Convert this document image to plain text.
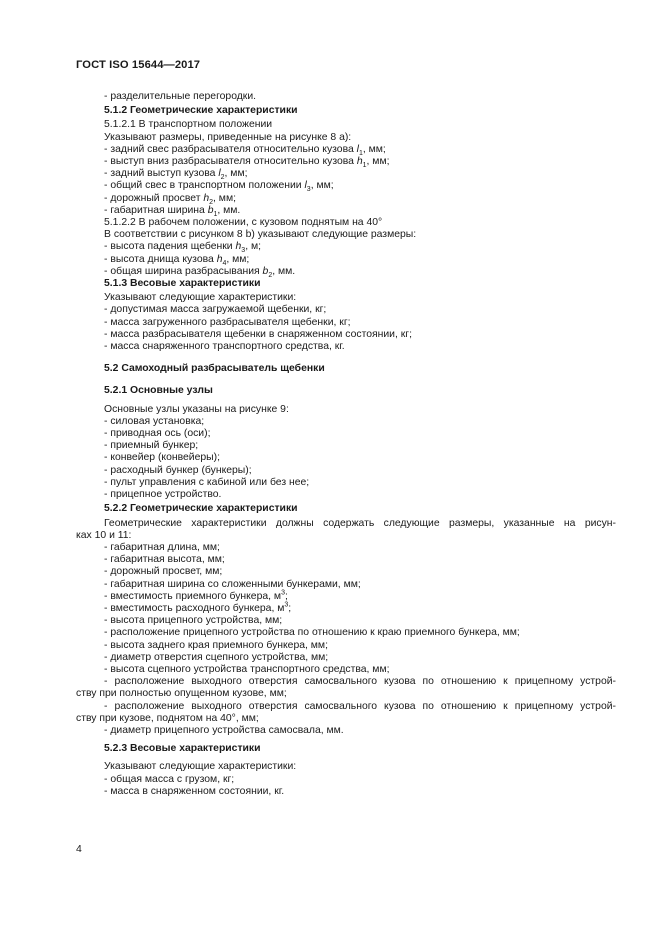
ГОСТ ISO 15644—2017
- разделительные перегородки.
5.1.2 Геометрические характеристики
5.1.2.1 В транспортном положении
Указывают размеры, приведенные на рисунке 8 а):
- задний свес разбрасывателя относительно кузова $l_1$, мм;
- выступ вниз разбрасывателя относительно кузова $h_1$, мм;
- задний выступ кузова $l_2$, мм;
- общий свес в транспортном положении $l_3$, мм;
- дорожный просвет $h_2$, мм;
- габаритная ширина $b_1$, мм.
5.1.2.2 В рабочем положении, с кузовом поднятым на 40°
В соответствии с рисунком 8 b) указывают следующие размеры:
- высота падения щебенки $h_3$, м;
- высота днища кузова $h_4$, мм;
- общая ширина разбрасывания $b_2$, мм.
5.1.3 Весовые характеристики
Указывают следующие характеристики:
- допустимая масса загружаемой щебенки, кг;
- масса загруженного разбрасывателя щебенки, кг;
- масса разбрасывателя щебенки в снаряженном состоянии, кг;
- масса снаряженного транспортного средства, кг.
5.2 Самоходный разбрасыватель щебенки
5.2.1 Основные узлы
Основные узлы указаны на рисунке 9:
- силовая установка;
- приводная ось (оси);
- приемный бункер;
- конвейер (конвейеры);
- расходный бункер (бункеры);
- пульт управления с кабиной или без нее;
- прицепное устройство.
5.2.2 Геометрические характеристики
Геометрические характеристики должны содержать следующие размеры, указанные на рисун-
ках 10 и 11:
- габаритная длина, мм;
- габаритная высота, мм;
- дорожный просвет, мм;
- габаритная ширина со сложенными бункерами, мм;
- вместимость приемного бункера, $м^3$;
- вместимость расходного бункера, $м^3$;
- высота прицепного устройства, мм;
- расположение прицепного устройства по отношению к краю приемного бункера, мм;
- высота заднего края приемного бункера, мм;
- диаметр отверстия сцепного устройства, мм;
- высота сцепного устройства транспортного средства, мм;
- расположение выходного отверстия самосвального кузова по отношению к прицепному устрой-
ству при полностью опущенном кузове, мм;
- расположение выходного отверстия самосвального кузова по отношению к прицепному устрой-
ству при кузове, поднятом на 40°, мм;
- диаметр прицепного устройства самосвала, мм.
5.2.3 Весовые характеристики
Указывают следующие характеристики:
- общая масса с грузом, кг;
- масса в снаряженном состоянии, кг.
4
